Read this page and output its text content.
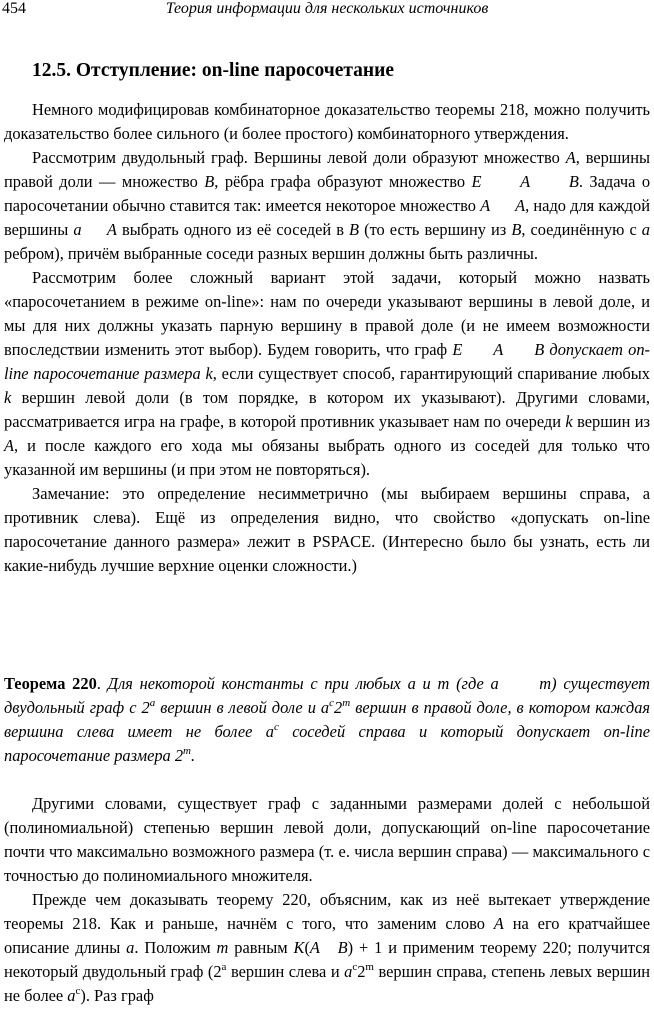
454	Теория информации для нескольких источников
12.5. Отступление: on-line паросочетание

Немного модифицировав комбинаторное доказательство теоремы 218, можно получить доказательство более сильного (и более простого) комбинаторного утверждения.

Рассмотрим двудольный граф. Вершины левой доли образуют множество A, вершины правой доли — множество B, рёбра графа образуют множество E A B. Задача о паросочетании обычно ставится так: имеется некоторое множество A A, надо для каждой вершины a A выбрать одного из её соседей в B (то есть вершину из B, соединённую с a ребром), причём выбранные соседи разных вершин должны быть различны.

Рассмотрим более сложный вариант этой задачи, который можно назвать «паросочетанием в режиме on-line»: нам по очереди указывают вершины в левой доле, и мы для них должны указать парную вершину в правой доле (и не имеем возможности впоследствии изменить этот выбор). Будем говорить, что граф E A B допускает on-line паросочетание размера k, если существует способ, гарантирующий спаривание любых k вершин левой доли (в том порядке, в котором их указывают). Другими словами, рассматривается игра на графе, в которой противник указывает нам по очереди k вершин из A, и после каждого его хода мы обязаны выбрать одного из соседей для только что указанной им вершины (и при этом не повторяться).

Замечание: это определение несимметрично (мы выбираем вершины справа, а противник слева). Ещё из определения видно, что свойство «допускать on-line паросочетание данного размера» лежит в PSPACE. (Интересно было бы узнать, есть ли какие-нибудь лучшие верхние оценки сложности.)

Теорема 220. Для некоторой константы c при любых a и m (где a m) существует двудольный граф с 2$^a$ вершин в левой доле и $a^c2^m$ вершин в правой доле, в котором каждая вершина слева имеет не более $a^c$ соседей справа и который допускает on-line паросочетание размера 2$^m$.

Другими словами, существует граф с заданными размерами долей с небольшой (полиномиальной) степенью вершин левой доли, допускающий on-line паросочетание почти что максимально возможного размера (т. е. числа вершин справа) — максимального с точностью до полиномиального множителя.

Прежде чем доказывать теорему 220, объясним, как из неё вытекает утверждение теоремы 218. Как и раньше, начнём с того, что заменим слово A на его кратчайшее описание длины a. Положим m равным K(A B) + 1 и применим теорему 220; получится некоторый двудольный граф (2$^a$ вершин слева и $a^c2^m$ вершин справа, степень левых вершин не более $a^c$). Раз граф
